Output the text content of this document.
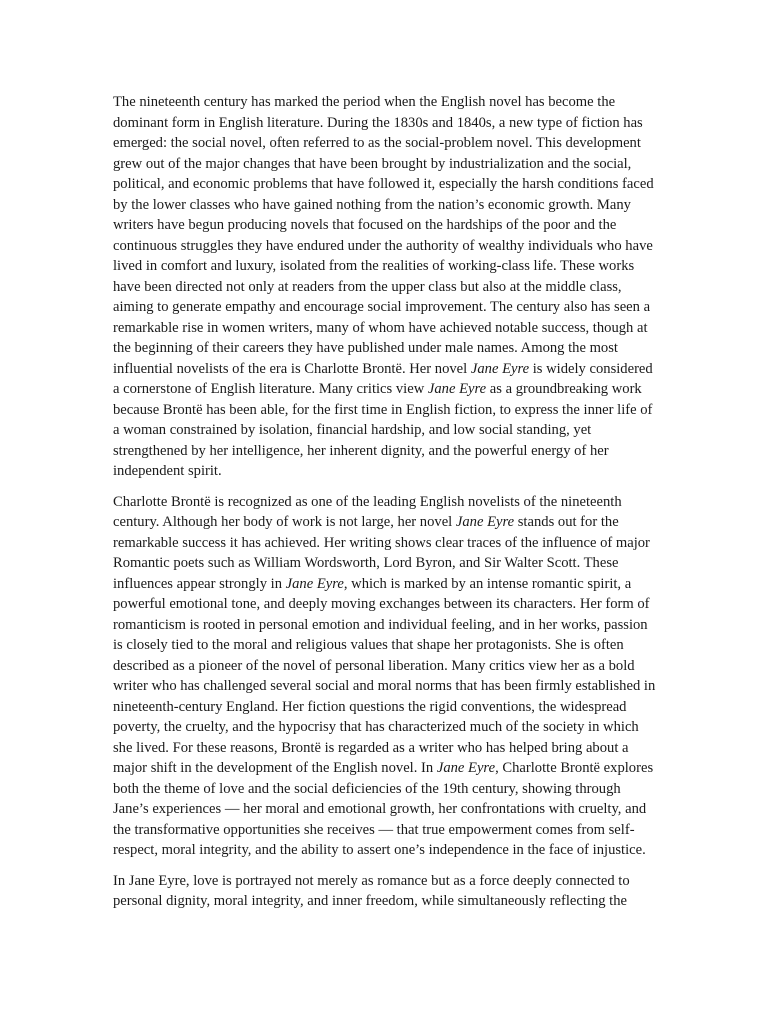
The nineteenth century has marked the period when the English novel has become the dominant form in English literature. During the 1830s and 1840s, a new type of fiction has emerged: the social novel, often referred to as the social-problem novel. This development grew out of the major changes that have been brought by industrialization and the social, political, and economic problems that have followed it, especially the harsh conditions faced by the lower classes who have gained nothing from the nation’s economic growth. Many writers have begun producing novels that focused on the hardships of the poor and the continuous struggles they have endured under the authority of wealthy individuals who have lived in comfort and luxury, isolated from the realities of working-class life. These works have been directed not only at readers from the upper class but also at the middle class, aiming to generate empathy and encourage social improvement. The century also has seen a remarkable rise in women writers, many of whom have achieved notable success, though at the beginning of their careers they have published under male names. Among the most influential novelists of the era is Charlotte Brontë. Her novel Jane Eyre is widely considered a cornerstone of English literature. Many critics view Jane Eyre as a groundbreaking work because Brontë has been able, for the first time in English fiction, to express the inner life of a woman constrained by isolation, financial hardship, and low social standing, yet strengthened by her intelligence, her inherent dignity, and the powerful energy of her independent spirit.

Charlotte Brontë is recognized as one of the leading English novelists of the nineteenth century. Although her body of work is not large, her novel Jane Eyre stands out for the remarkable success it has achieved. Her writing shows clear traces of the influence of major Romantic poets such as William Wordsworth, Lord Byron, and Sir Walter Scott. These influences appear strongly in Jane Eyre, which is marked by an intense romantic spirit, a powerful emotional tone, and deeply moving exchanges between its characters. Her form of romanticism is rooted in personal emotion and individual feeling, and in her works, passion is closely tied to the moral and religious values that shape her protagonists. She is often described as a pioneer of the novel of personal liberation. Many critics view her as a bold writer who has challenged several social and moral norms that has been firmly established in nineteenth-century England. Her fiction questions the rigid conventions, the widespread poverty, the cruelty, and the hypocrisy that has characterized much of the society in which she lived. For these reasons, Brontë is regarded as a writer who has helped bring about a major shift in the development of the English novel. In Jane Eyre, Charlotte Brontë explores both the theme of love and the social deficiencies of the 19th century, showing through Jane’s experiences — her moral and emotional growth, her confrontations with cruelty, and the transformative opportunities she receives — that true empowerment comes from self-respect, moral integrity, and the ability to assert one’s independence in the face of injustice.

In Jane Eyre, love is portrayed not merely as romance but as a force deeply connected to personal dignity, moral integrity, and inner freedom, while simultaneously reflecting the
